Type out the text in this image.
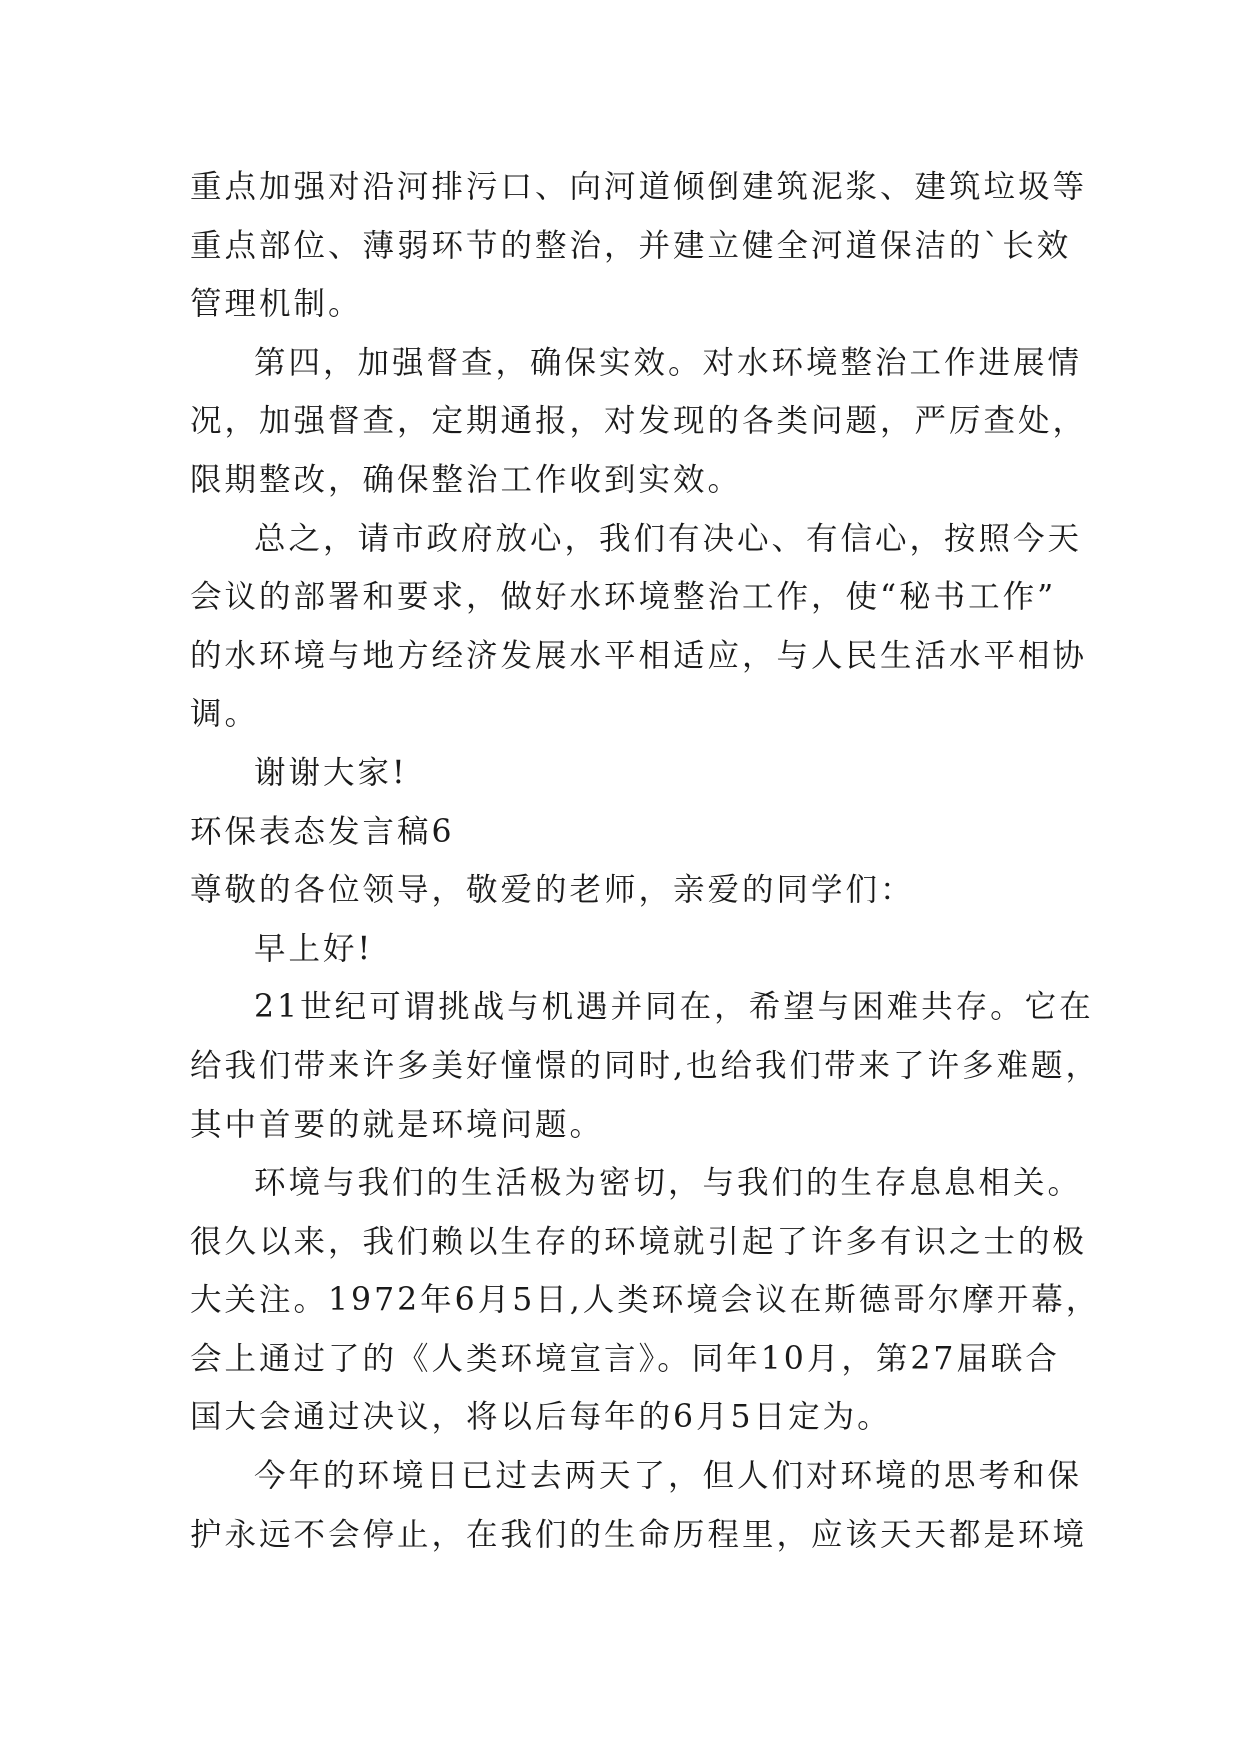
重点加强对沿河排污口、向河道倾倒建筑泥浆、建筑垃圾等
重点部位、薄弱环节的整治，并建立健全河道保洁的`长效
管理机制。
第四，加强督查，确保实效。对水环境整治工作进展情
况，加强督查，定期通报，对发现的各类问题，严厉查处，
限期整改，确保整治工作收到实效。
总之，请市政府放心，我们有决心、有信心，按照今天
会议的部署和要求，做好水环境整治工作，使“秘书工作”
的水环境与地方经济发展水平相适应，与人民生活水平相协
调。
谢谢大家!
环保表态发言稿6
尊敬的各位领导，敬爱的老师，亲爱的同学们：
早上好!
21世纪可谓挑战与机遇并同在，希望与困难共存。它在
给我们带来许多美好憧憬的同时,也给我们带来了许多难题，
其中首要的就是环境问题。
环境与我们的生活极为密切，与我们的生存息息相关。
很久以来，我们赖以生存的环境就引起了许多有识之士的极
大关注。1972年6月5日,人类环境会议在斯德哥尔摩开幕，
会上通过了的《人类环境宣言》。同年10月，第27届联合
国大会通过决议，将以后每年的6月5日定为。
今年的环境日已过去两天了，但人们对环境的思考和保
护永远不会停止，在我们的生命历程里，应该天天都是环境
